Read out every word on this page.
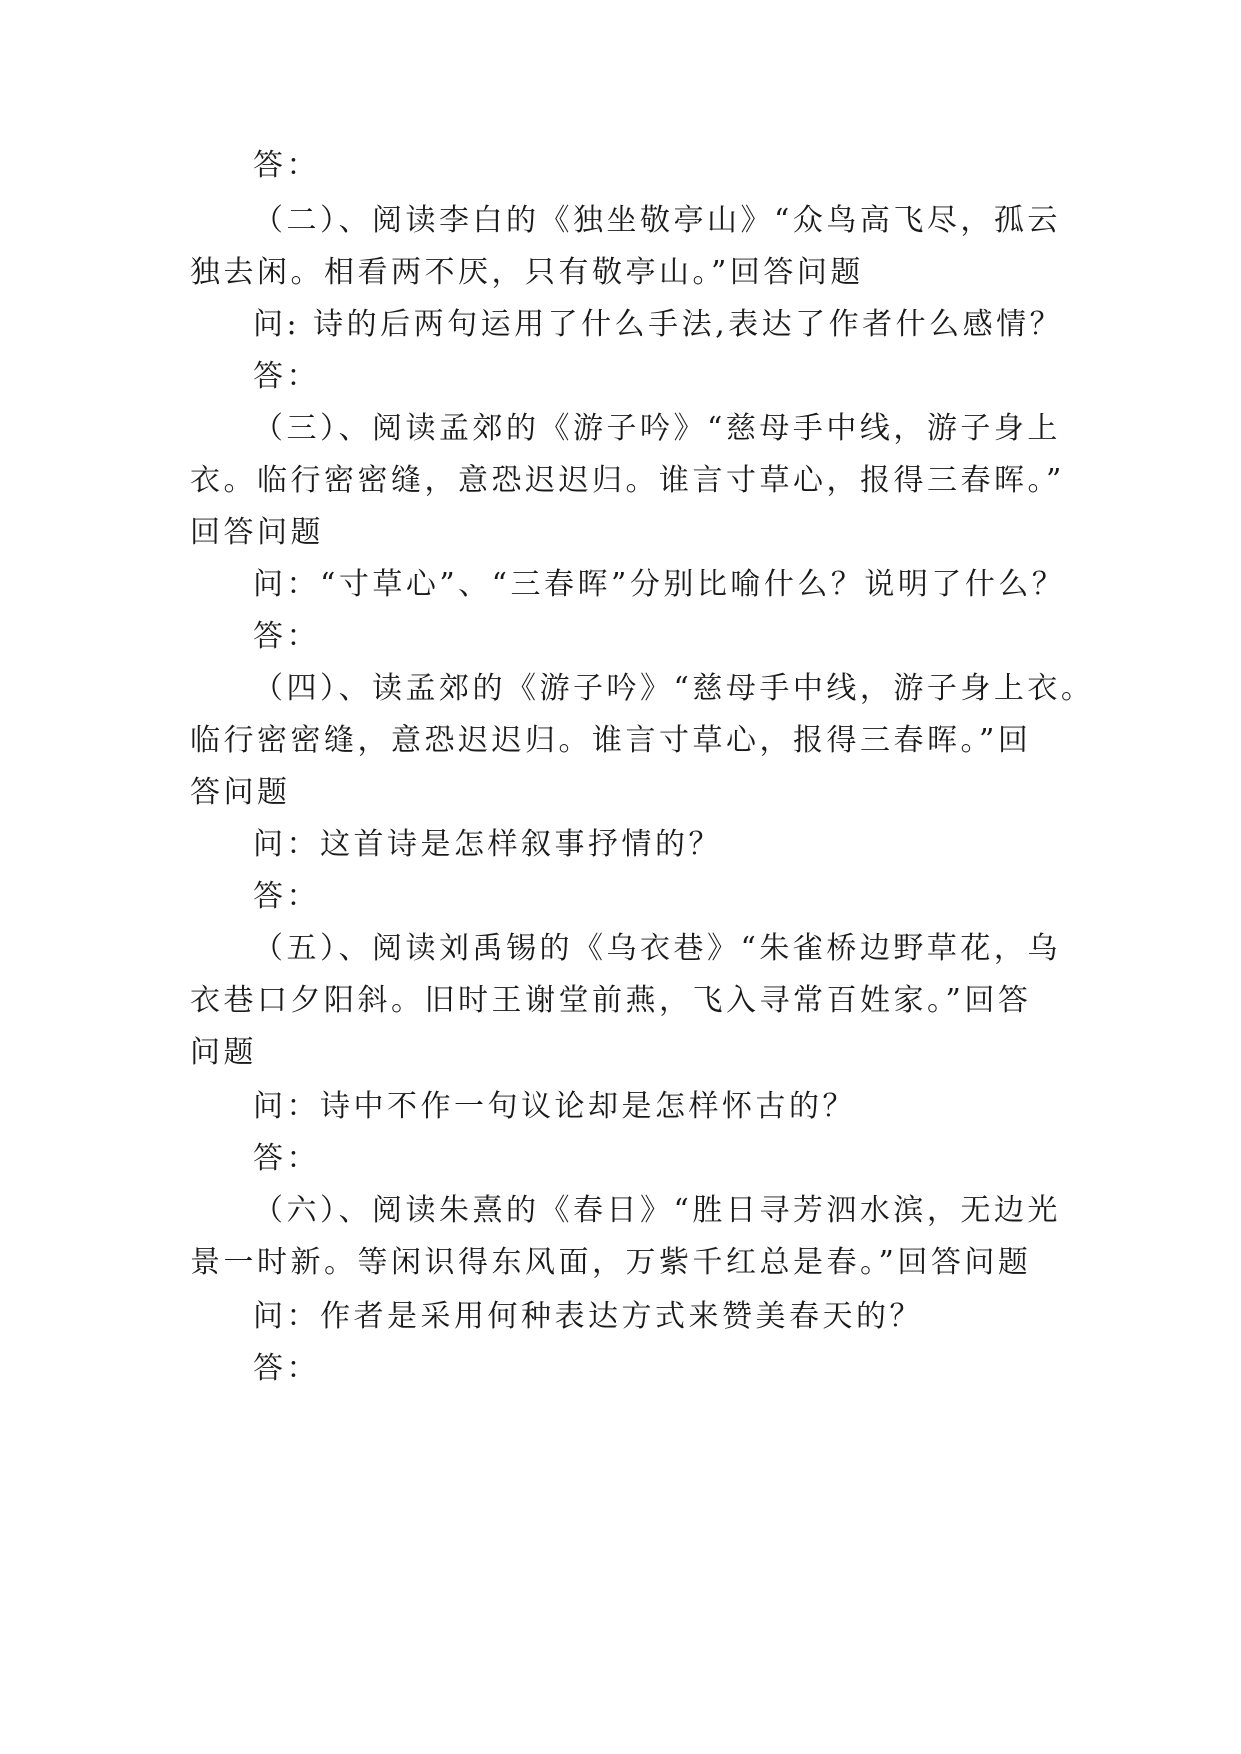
答：
（二）、阅读李白的《独坐敬亭山》“众鸟高飞尽，孤云
独去闲。相看两不厌，只有敬亭山。”回答问题
问: 诗的后两句运用了什么手法,表达了作者什么感情？
答：
（三）、阅读孟郊的《游子吟》“慈母手中线，游子身上
衣。临行密密缝，意恐迟迟归。谁言寸草心，报得三春晖。”
回答问题
问：“寸草心”、“三春晖”分别比喻什么？说明了什么？
答：
（四）、读孟郊的《游子吟》“慈母手中线，游子身上衣。
临行密密缝，意恐迟迟归。谁言寸草心，报得三春晖。”回
答问题
问：这首诗是怎样叙事抒情的？
答：
（五）、阅读刘禹锡的《乌衣巷》“朱雀桥边野草花，乌
衣巷口夕阳斜。旧时王谢堂前燕，飞入寻常百姓家。”回答
问题
问：诗中不作一句议论却是怎样怀古的？
答：
（六）、阅读朱熹的《春日》“胜日寻芳泗水滨，无边光
景一时新。等闲识得东风面，万紫千红总是春。”回答问题
问：作者是采用何种表达方式来赞美春天的？
答：
